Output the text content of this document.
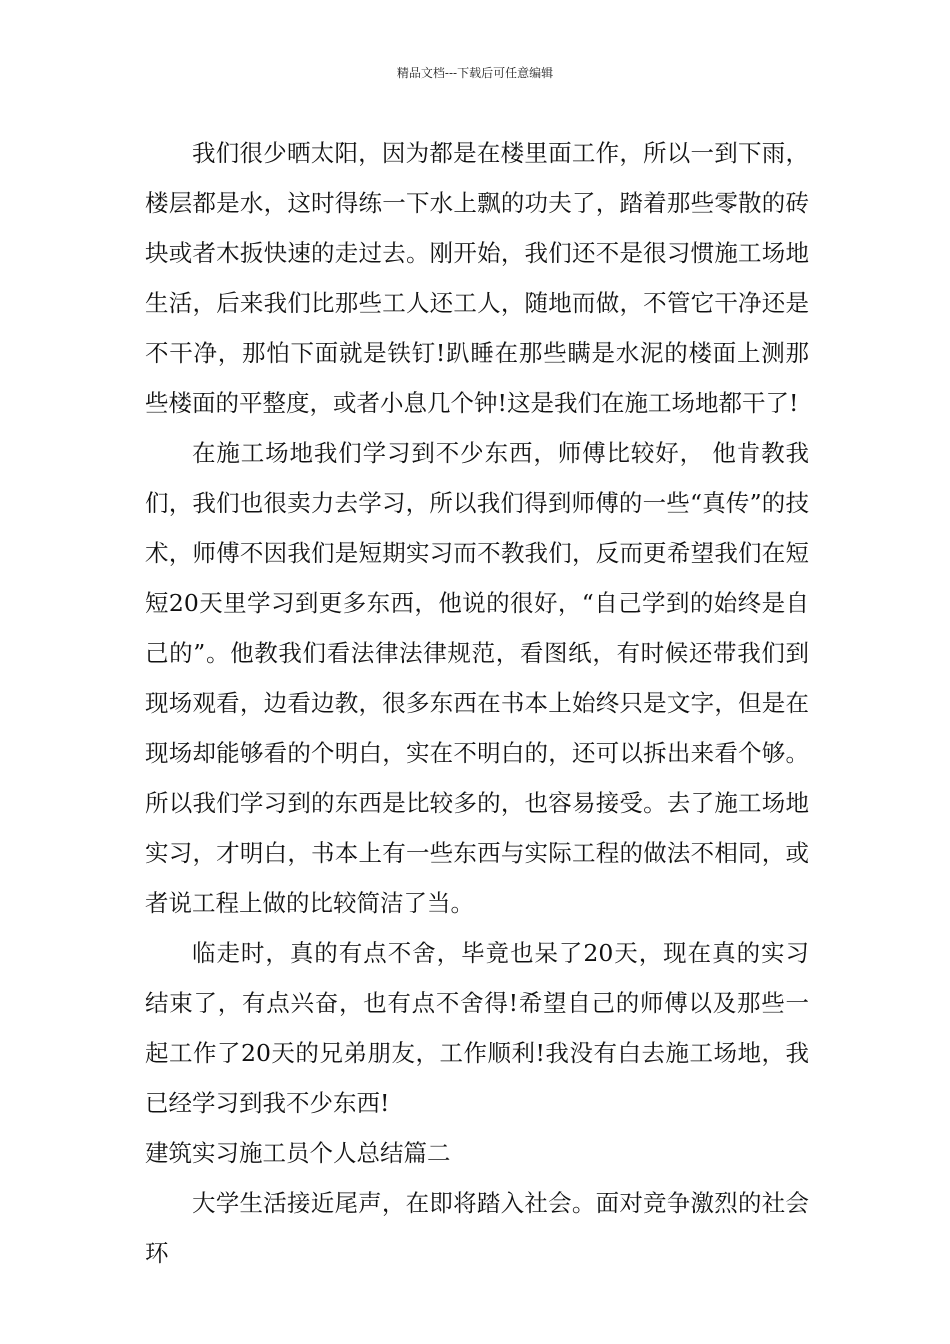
精品文档---下载后可任意编辑

我们很少晒太阳，因为都是在楼里面工作，所以一到下雨，楼层都是水，这时得练一下水上飘的功夫了，踏着那些零散的砖块或者木扳快速的走过去。刚开始，我们还不是很习惯施工场地生活，后来我们比那些工人还工人，随地而做，不管它干净还是不干净，那怕下面就是铁钉!趴睡在那些瞒是水泥的楼面上测那些楼面的平整度，或者小息几个钟!这是我们在施工场地都干了!

在施工场地我们学习到不少东西，师傅比较好， 他肯教我们，我们也很卖力去学习，所以我们得到师傅的一些“真传”的技术，师傅不因我们是短期实习而不教我们，反而更希望我们在短短20天里学习到更多东西，他说的很好，“自己学到的始终是自己的”。他教我们看法律法律规范，看图纸，有时候还带我们到现场观看，边看边教，很多东西在书本上始终只是文字，但是在现场却能够看的个明白，实在不明白的，还可以拆出来看个够。所以我们学习到的东西是比较多的，也容易接受。去了施工场地实习，才明白，书本上有一些东西与实际工程的做法不相同，或者说工程上做的比较简洁了当。

临走时，真的有点不舍，毕竟也呆了20天，现在真的实习结束了，有点兴奋，也有点不舍得!希望自己的师傅以及那些一起工作了20天的兄弟朋友，工作顺利!我没有白去施工场地，我已经学习到我不少东西!

建筑实习施工员个人总结篇二

大学生活接近尾声，在即将踏入社会。面对竞争激烈的社会环
